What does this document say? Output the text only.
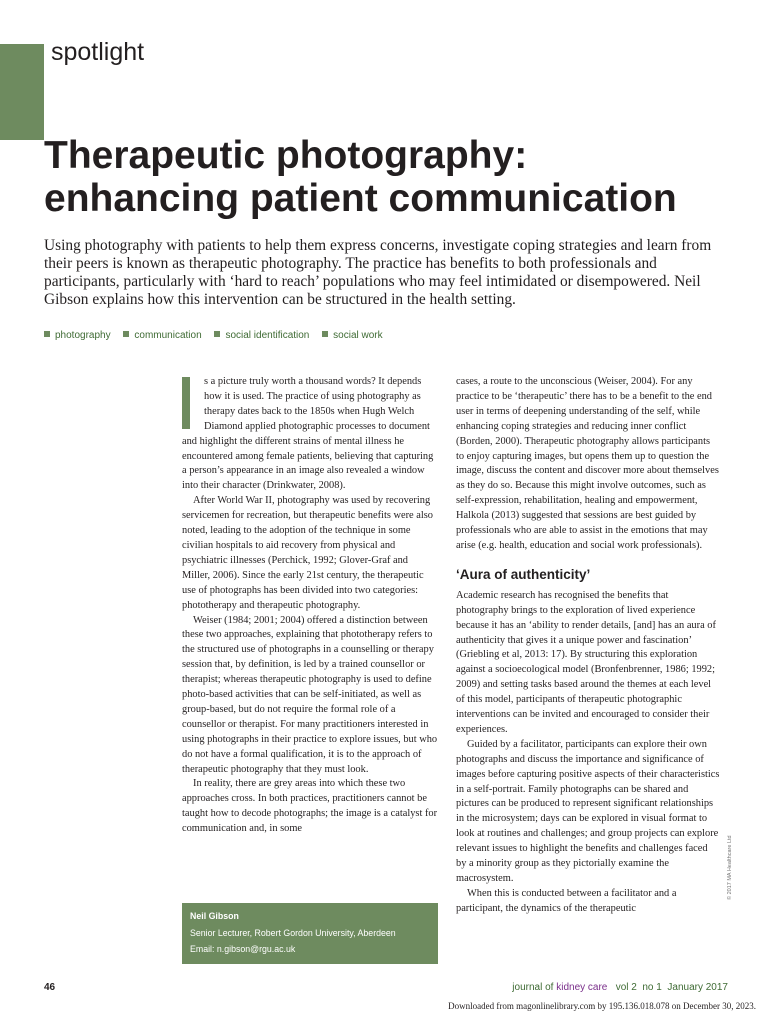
spotlight
Therapeutic photography:
enhancing patient communication

Using photography with patients to help them express concerns, investigate coping strategies and learn from their peers is known as therapeutic photography. The practice has benefits to both professionals and participants, particularly with ‘hard to reach’ populations who may feel intimidated or disempowered. Neil Gibson explains how this intervention can be structured in the health setting.

photography communication social identification social work

s a picture truly worth a thousand words? It depends how it is used. The practice of using photography as therapy dates back to the 1850s when Hugh Welch Diamond applied photographic processes to document and highlight the different strains of mental illness he encountered among female patients, believing that capturing a person’s appearance in an image also revealed a window into their character (Drinkwater, 2008).

After World War II, photography was used by recovering servicemen for recreation, but therapeutic benefits were also noted, leading to the adoption of the technique in some civilian hospitals to aid recovery from physical and psychiatric illnesses (Perchick, 1992; Glover-Graf and Miller, 2006). Since the early 21st century, the therapeutic use of photographs has been divided into two categories: phototherapy and therapeutic photography.

Weiser (1984; 2001; 2004) offered a distinction between these two approaches, explaining that phototherapy refers to the structured use of photographs in a counselling or therapy session that, by definition, is led by a trained counsellor or therapist; whereas therapeutic photography is used to define photo-based activities that can be self-initiated, as well as group-based, but do not require the formal role of a counsellor or therapist. For many practitioners interested in using photographs in their practice to explore issues, but who do not have a formal qualification, it is to the approach of therapeutic photography that they must look.

In reality, there are grey areas into which these two approaches cross. In both practices, practitioners cannot be taught how to decode photographs; the image is a catalyst for communication and, in some

cases, a route to the unconscious (Weiser, 2004). For any practice to be ‘therapeutic’ there has to be a benefit to the end user in terms of deepening understanding of the self, while enhancing coping strategies and reducing inner conflict (Borden, 2000). Therapeutic photography allows participants to enjoy capturing images, but opens them up to question the image, discuss the content and discover more about themselves as they do so. Because this might involve outcomes, such as self-expression, rehabilitation, healing and empowerment, Halkola (2013) suggested that sessions are best guided by professionals who are able to assist in the emotions that may arise (e.g. health, education and social work professionals).

‘Aura of authenticity’

Academic research has recognised the benefits that photography brings to the exploration of lived experience because it has an ‘ability to render details, [and] has an aura of authenticity that gives it a unique power and fascination’ (Griebling et al, 2013: 17). By structuring this exploration against a socioecological model (Bronfenbrenner, 1986; 1992; 2009) and setting tasks based around the themes at each level of this model, participants of therapeutic photographic interventions can be invited and encouraged to consider their experiences.

Guided by a facilitator, participants can explore their own photographs and discuss the importance and significance of images before capturing positive aspects of their characteristics in a self-portrait. Family photographs can be shared and pictures can be produced to represent significant relationships in the microsystem; days can be explored in visual format to look at routines and challenges; and group projects can explore relevant issues to highlight the benefits and challenges faced by a minority group as they pictorially examine the macrosystem.

When this is conducted between a facilitator and a participant, the dynamics of the therapeutic

Neil Gibson
Senior Lecturer, Robert Gordon University, Aberdeen
Email: n.gibson@rgu.ac.uk
© 2017 MA Healthcare Ltd
46	journal of kidney care   vol 2  no 1  January 2017
Downloaded from magonlinelibrary.com by 195.136.018.078 on December 30, 2023.
